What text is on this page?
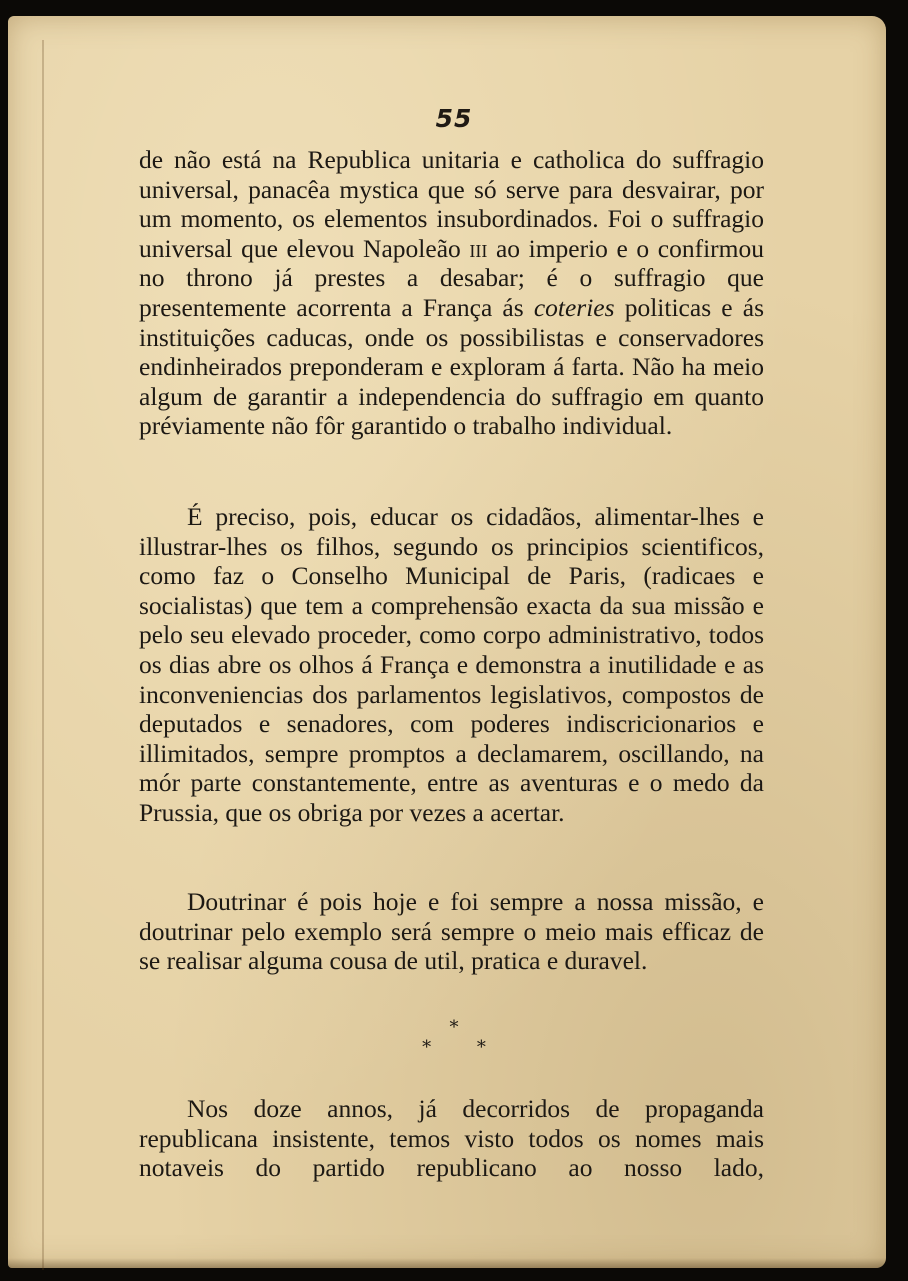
55

de não está na Republica unitaria e catholica do suffragio universal, panacêa mystica que só serve para desvairar, por um momento, os elementos insubordinados. Foi o suffragio universal que elevou Napoleão iii ao imperio e o confirmou no throno já prestes a desabar; é o suffragio que presentemente acorrenta a França ás coteries politicas e ás instituições caducas, onde os possibilistas e conservadores endinheirados preponderam e exploram á farta. Não ha meio algum de garantir a independencia do suffragio em quanto préviamente não fôr garantido o trabalho individual.

É preciso, pois, educar os cidadãos, alimentar-lhes e illustrar-lhes os filhos, segundo os principios scientificos, como faz o Conselho Municipal de Paris, (radicaes e socialistas) que tem a comprehensão exacta da sua missão e pelo seu elevado proceder, como corpo administrativo, todos os dias abre os olhos á França e demonstra a inutilidade e as inconveniencias dos parlamentos legislativos, compostos de deputados e senadores, com poderes indiscricionarios e illimitados, sempre promptos a declamarem, oscillando, na mór parte constantemente, entre as aventuras e o medo da Prussia, que os obriga por vezes a acertar.

Doutrinar é pois hoje e foi sempre a nossa missão, e doutrinar pelo exemplo será sempre o meio mais efficaz de se realisar alguma cousa de util, pratica e duravel.

*
* *

Nos doze annos, já decorridos de propaganda republicana insistente, temos visto todos os nomes mais notaveis do partido republicano ao nosso lado,
